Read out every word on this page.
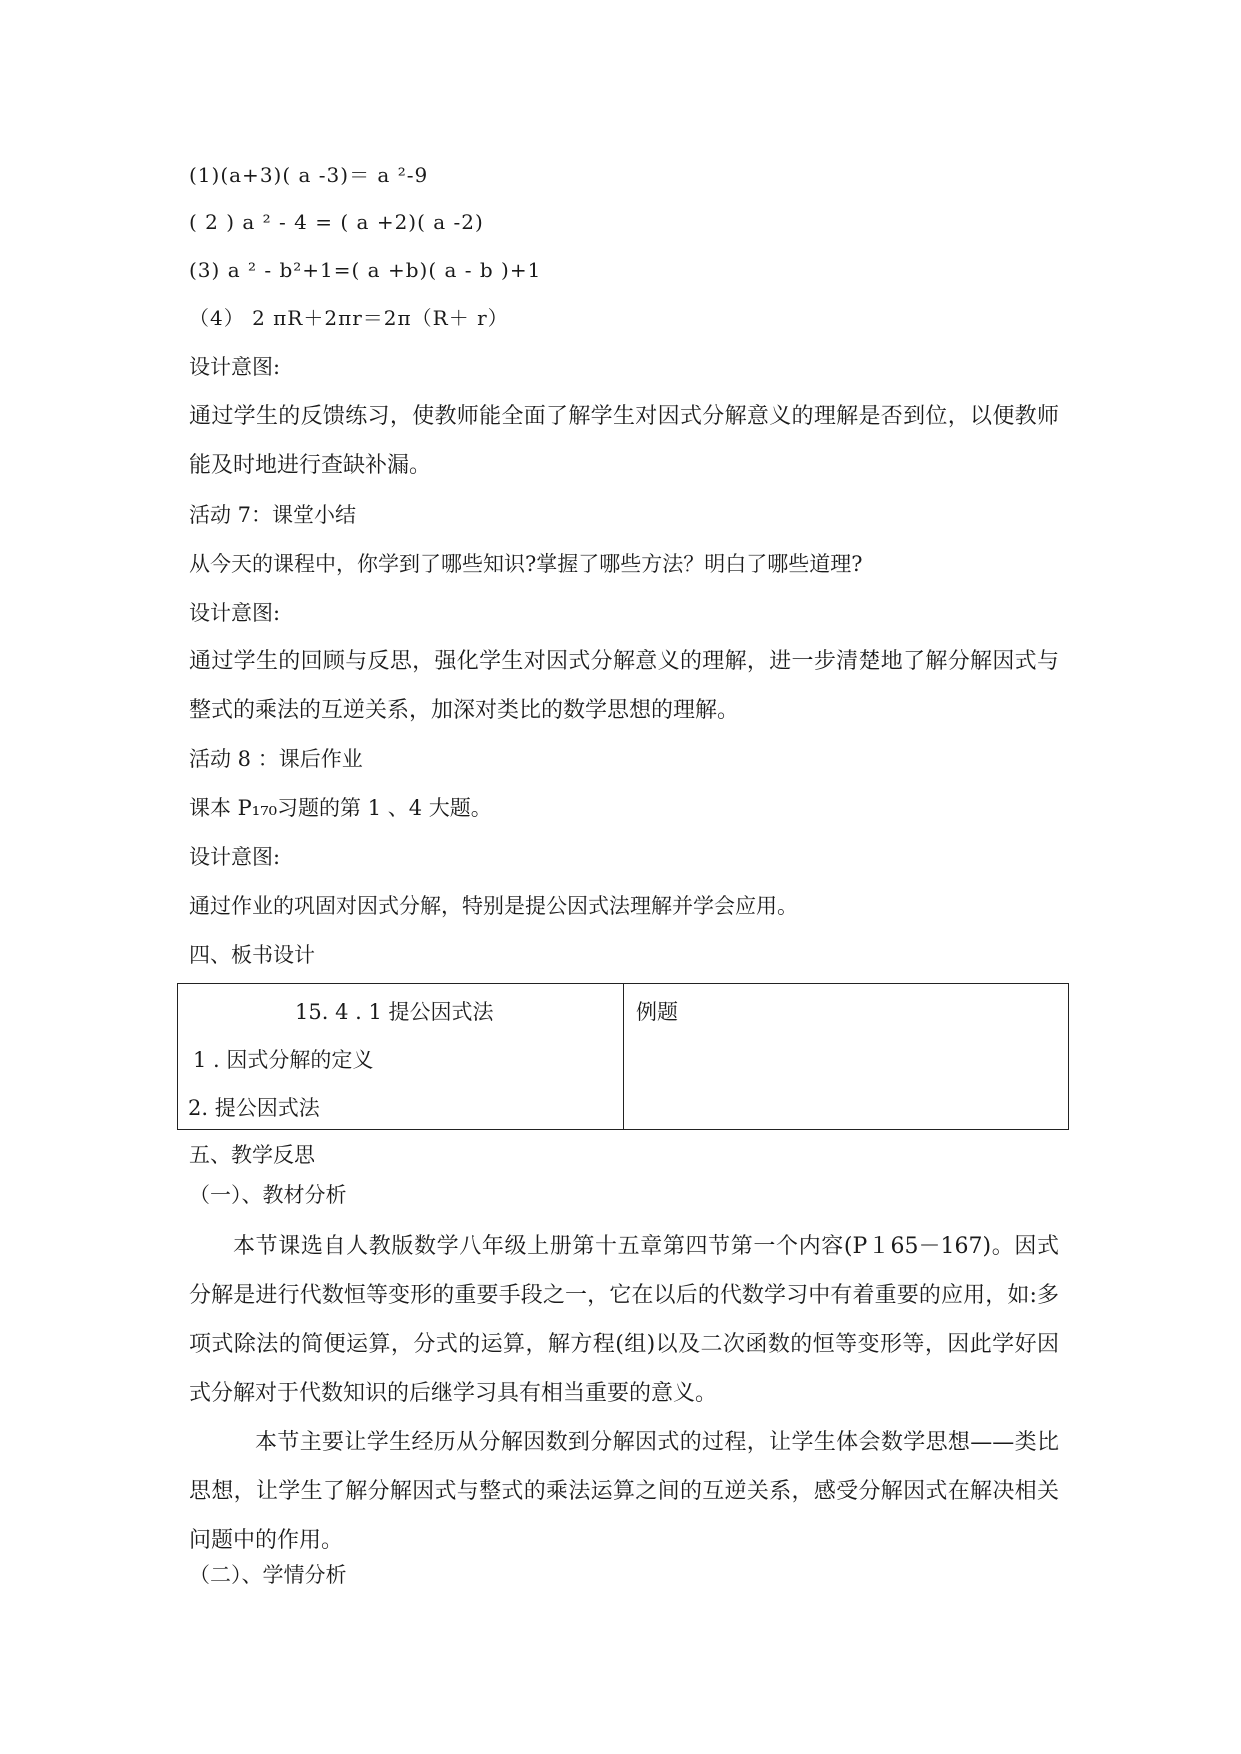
(1)(a+3)( a -3)＝ a ²-9
( 2 ) a ² - 4 = ( a +2)( a -2)
(3) a ² - b²+1=( a +b)( a - b )+1
（4） 2 πR＋2πr＝2π（R＋ r）
设计意图:
通过学生的反馈练习，使教师能全面了解学生对因式分解意义的理解是否到位，以便教师能及时地进行查缺补漏。
活动 7：课堂小结
从今天的课程中，你学到了哪些知识?掌握了哪些方法？明白了哪些道理?
设计意图:
通过学生的回顾与反思，强化学生对因式分解意义的理解，进一步清楚地了解分解因式与整式的乘法的互逆关系，加深对类比的数学思想的理解。
活动 8 ：课后作业
课本 P₁₇₀习题的第 1 、4 大题。
设计意图:
通过作业的巩固对因式分解，特别是提公因式法理解并学会应用。
四、板书设计
15. 4 . 1 提公因式法
1 . 因式分解的定义
2. 提公因式法
例题
五、教学反思
（一）、教材分析
本节课选自人教版数学八年级上册第十五章第四节第一个内容(P１65－167)。因式分解是进行代数恒等变形的重要手段之一，它在以后的代数学习中有着重要的应用，如:多项式除法的简便运算，分式的运算，解方程(组)以及二次函数的恒等变形等，因此学好因式分解对于代数知识的后继学习具有相当重要的意义。
本节主要让学生经历从分解因数到分解因式的过程，让学生体会数学思想——类比思想，让学生了解分解因式与整式的乘法运算之间的互逆关系，感受分解因式在解决相关问题中的作用。
（二）、学情分析
